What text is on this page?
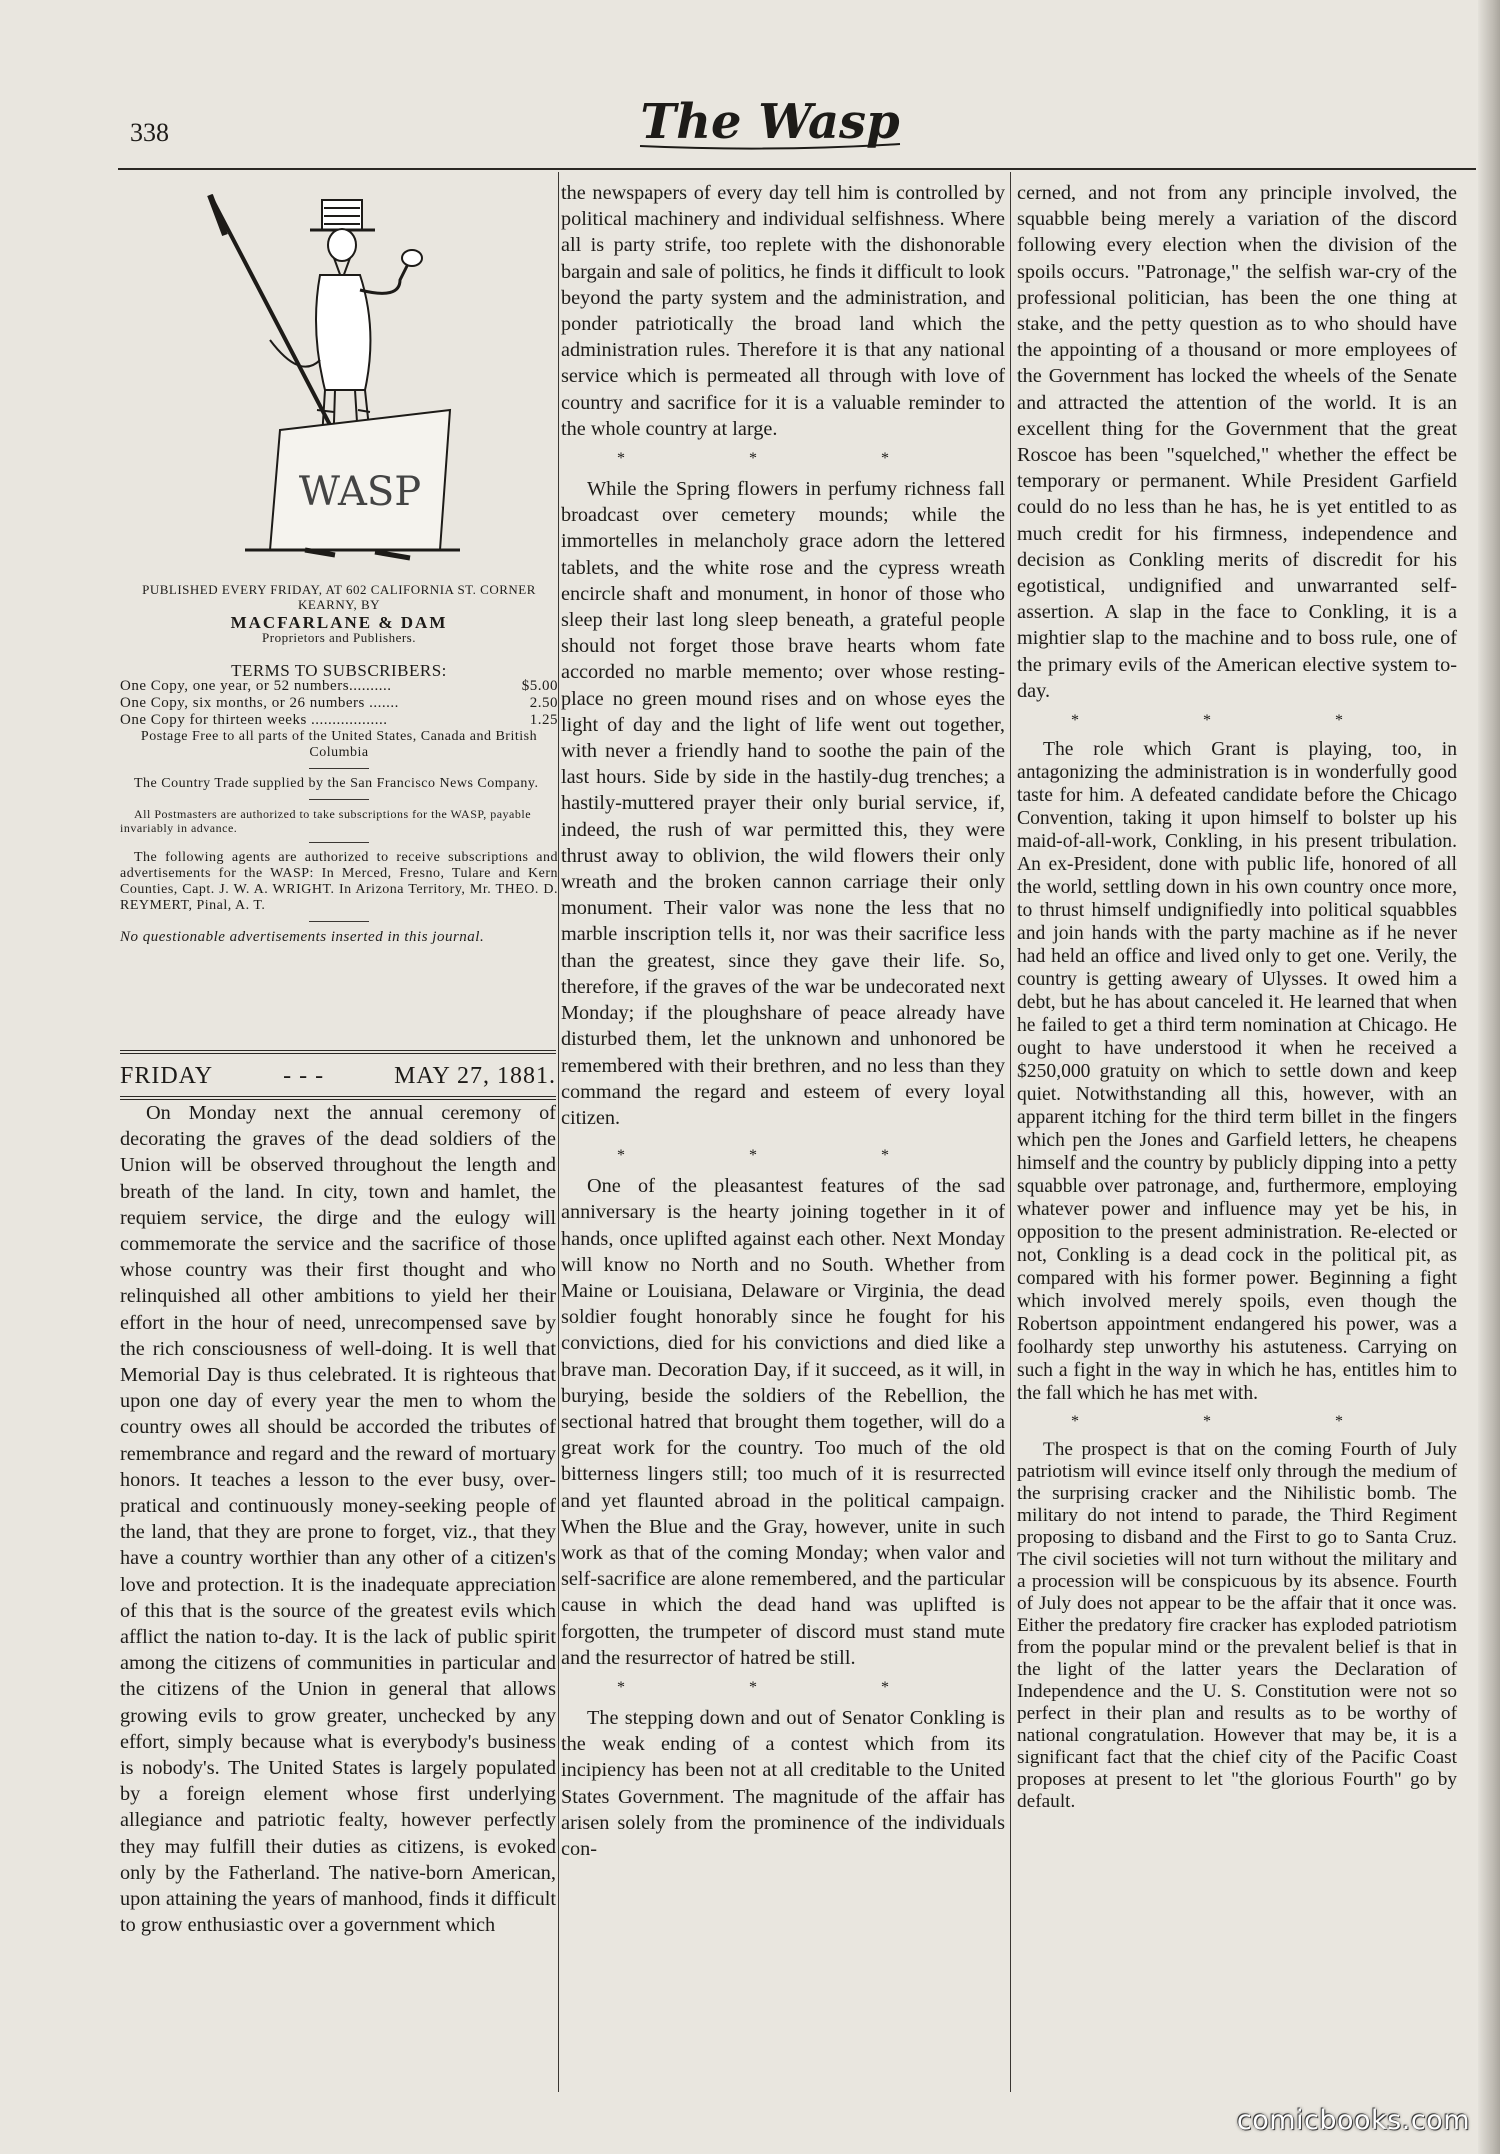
338	The Wasp
WASP
PUBLISHED EVERY FRIDAY, AT 602 CALIFORNIA ST. CORNER KEARNY, BY
MACFARLANE & DAM
Proprietors and Publishers.
TERMS TO SUBSCRIBERS:
One Copy, one year, or 52 numbers..........	$5.00
One Copy, six months, or 26 numbers .......	2.50
One Copy for thirteen weeks ..................	1.25
Postage Free to all parts of the United States, Canada and British Columbia
The Country Trade supplied by the San Francisco News Company.
All Postmasters are authorized to take subscriptions for the WASP, payable invariably in advance.
The following agents are authorized to receive subscriptions and advertisements for the WASP: In Merced, Fresno, Tulare and Kern Counties, Capt. J. W. A. WRIGHT. In Arizona Territory, Mr. THEO. D. REYMERT, Pinal, A. T.
No questionable advertisements inserted in this journal.
FRIDAY	- - -	MAY 27, 1881.

On Monday next the annual ceremony of decorating the graves of the dead soldiers of the Union will be observed throughout the length and breath of the land. In city, town and hamlet, the requiem service, the dirge and the eulogy will commemorate the service and the sacrifice of those whose country was their first thought and who relinquished all other ambitions to yield her their effort in the hour of need, unrecompensed save by the rich consciousness of well-doing. It is well that Memorial Day is thus celebrated. It is righteous that upon one day of every year the men to whom the country owes all should be accorded the tributes of remembrance and regard and the reward of mortuary honors. It teaches a lesson to the ever busy, over-pratical and continuously money-seeking people of the land, that they are prone to forget, viz., that they have a country worthier than any other of a citizen's love and protection. It is the inadequate appreciation of this that is the source of the greatest evils which afflict the nation to-day. It is the lack of public spirit among the citizens of communities in particular and the citizens of the Union in general that allows growing evils to grow greater, unchecked by any effort, simply because what is everybody's business is nobody's. The United States is largely populated by a foreign element whose first underlying allegiance and patriotic fealty, however perfectly they may fulfill their duties as citizens, is evoked only by the Fatherland. The native-born American, upon attaining the years of manhood, finds it difficult to grow enthusiastic over a government which

the newspapers of every day tell him is controlled by political machinery and individual selfishness. Where all is party strife, too replete with the dishonorable bargain and sale of politics, he finds it difficult to look beyond the party system and the administration, and ponder patriotically the broad land which the administration rules. Therefore it is that any national service which is permeated all through with love of country and sacrifice for it is a valuable reminder to the whole country at large.

* * *

While the Spring flowers in perfumy richness fall broadcast over cemetery mounds; while the immortelles in melancholy grace adorn the lettered tablets, and the white rose and the cypress wreath encircle shaft and monument, in honor of those who sleep their last long sleep beneath, a grateful people should not forget those brave hearts whom fate accorded no marble memento; over whose resting-place no green mound rises and on whose eyes the light of day and the light of life went out together, with never a friendly hand to soothe the pain of the last hours. Side by side in the hastily-dug trenches; a hastily-muttered prayer their only burial service, if, indeed, the rush of war permitted this, they were thrust away to oblivion, the wild flowers their only wreath and the broken cannon carriage their only monument. Their valor was none the less that no marble inscription tells it, nor was their sacrifice less than the greatest, since they gave their life. So, therefore, if the graves of the war be undecorated next Monday; if the ploughshare of peace already have disturbed them, let the unknown and unhonored be remembered with their brethren, and no less than they command the regard and esteem of every loyal citizen.

* * *

One of the pleasantest features of the sad anniversary is the hearty joining together in it of hands, once uplifted against each other. Next Monday will know no North and no South. Whether from Maine or Louisiana, Delaware or Virginia, the dead soldier fought honorably since he fought for his convictions, died for his convictions and died like a brave man. Decoration Day, if it succeed, as it will, in burying, beside the soldiers of the Rebellion, the sectional hatred that brought them together, will do a great work for the country. Too much of the old bitterness lingers still; too much of it is resurrected and yet flaunted abroad in the political campaign. When the Blue and the Gray, however, unite in such work as that of the coming Monday; when valor and self-sacrifice are alone remembered, and the particular cause in which the dead hand was uplifted is forgotten, the trumpeter of discord must stand mute and the resurrector of hatred be still.

* * *

The stepping down and out of Senator Conkling is the weak ending of a contest which from its incipiency has been not at all creditable to the United States Government. The magnitude of the affair has arisen solely from the prominence of the individuals con-

cerned, and not from any principle involved, the squabble being merely a variation of the discord following every election when the division of the spoils occurs. "Patronage," the selfish war-cry of the professional politician, has been the one thing at stake, and the petty question as to who should have the appointing of a thousand or more employees of the Government has locked the wheels of the Senate and attracted the attention of the world. It is an excellent thing for the Government that the great Roscoe has been "squelched," whether the effect be temporary or permanent. While President Garfield could do no less than he has, he is yet entitled to as much credit for his firmness, independence and decision as Conkling merits of discredit for his egotistical, undignified and unwarranted self-assertion. A slap in the face to Conkling, it is a mightier slap to the machine and to boss rule, one of the primary evils of the American elective system to-day.

* * *

The role which Grant is playing, too, in antagonizing the administration is in wonderfully good taste for him. A defeated candidate before the Chicago Convention, taking it upon himself to bolster up his maid-of-all-work, Conkling, in his present tribulation. An ex-President, done with public life, honored of all the world, settling down in his own country once more, to thrust himself undignifiedly into political squabbles and join hands with the party machine as if he never had held an office and lived only to get one. Verily, the country is getting aweary of Ulysses. It owed him a debt, but he has about canceled it. He learned that when he failed to get a third term nomination at Chicago. He ought to have understood it when he received a $250,000 gratuity on which to settle down and keep quiet. Notwithstanding all this, however, with an apparent itching for the third term billet in the fingers which pen the Jones and Garfield letters, he cheapens himself and the country by publicly dipping into a petty squabble over patronage, and, furthermore, employing whatever power and influence may yet be his, in opposition to the present administration. Re-elected or not, Conkling is a dead cock in the political pit, as compared with his former power. Beginning a fight which involved merely spoils, even though the Robertson appointment endangered his power, was a foolhardy step unworthy his astuteness. Carrying on such a fight in the way in which he has, entitles him to the fall which he has met with.

* * *

The prospect is that on the coming Fourth of July patriotism will evince itself only through the medium of the surprising cracker and the Nihilistic bomb. The military do not intend to parade, the Third Regiment proposing to disband and the First to go to Santa Cruz. The civil societies will not turn without the military and a procession will be conspicuous by its absence. Fourth of July does not appear to be the affair that it once was. Either the predatory fire cracker has exploded patriotism from the popular mind or the prevalent belief is that in the light of the latter years the Declaration of Independence and the U. S. Constitution were not so perfect in their plan and results as to be worthy of national congratulation. However that may be, it is a significant fact that the chief city of the Pacific Coast proposes at present to let "the glorious Fourth" go by default.

comicbooks.com
